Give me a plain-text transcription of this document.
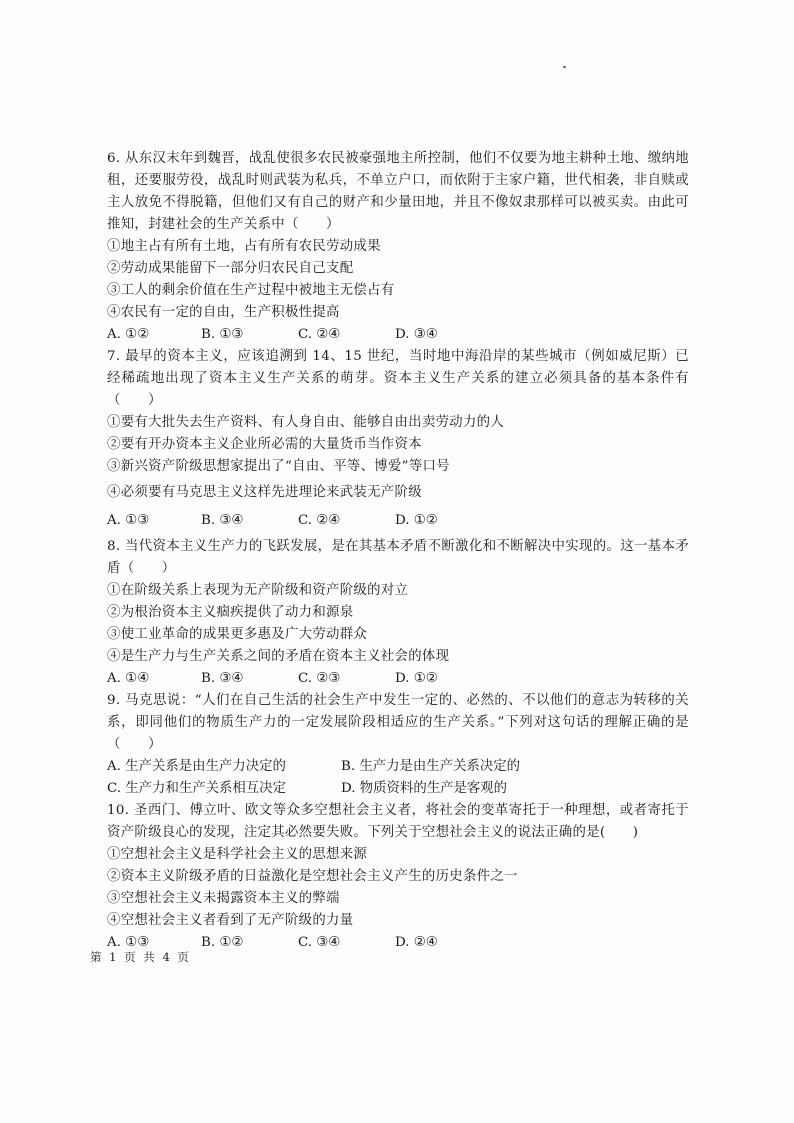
6. 从东汉末年到魏晋，战乱使很多农民被豪强地主所控制，他们不仅要为地主耕种土地、缴纳地租，还要服劳役，战乱时则武装为私兵，不单立户口，而依附于主家户籍，世代相袭，非自赎或主人放免不得脱籍，但他们又有自己的财产和少量田地，并且不像奴隶那样可以被买卖。由此可推知，封建社会的生产关系中（　　）

①地主占有所有土地，占有所有农民劳动成果

②劳动成果能留下一部分归农民自己支配

③工人的剩余价值在生产过程中被地主无偿占有

④农民有一定的自由，生产积极性提高

A. ①②	B. ①③	C. ②④	D. ③④

7. 最早的资本主义，应该追溯到 14、15 世纪，当时地中海沿岸的某些城市（例如威尼斯）已经稀疏地出现了资本主义生产关系的萌芽。资本主义生产关系的建立必须具备的基本条件有（　　）

①要有大批失去生产资料、有人身自由、能够自由出卖劳动力的人

②要有开办资本主义企业所必需的大量货币当作资本

③新兴资产阶级思想家提出了“自由、平等、博爱”等口号

④必须要有马克思主义这样先进理论来武装无产阶级

A. ①③	B. ③④	C. ②④	D. ①②

8. 当代资本主义生产力的飞跃发展，是在其基本矛盾不断激化和不断解决中实现的。这一基本矛盾（　　）

①在阶级关系上表现为无产阶级和资产阶级的对立

②为根治资本主义痼疾提供了动力和源泉

③使工业革命的成果更多惠及广大劳动群众

④是生产力与生产关系之间的矛盾在资本主义社会的体现

A. ①④	B. ③④	C. ②③	D. ①②

9. 马克思说：“人们在自己生活的社会生产中发生一定的、必然的、不以他们的意志为转移的关系，即同他们的物质生产力的一定发展阶段相适应的生产关系。”下列对这句话的理解正确的是（　　）

A. 生产关系是由生产力决定的	B. 生产力是由生产关系决定的
C. 生产力和生产关系相互决定	D. 物质资料的生产是客观的

10. 圣西门、傅立叶、欧文等众多空想社会主义者，将社会的变革寄托于一种理想，或者寄托于资产阶级良心的发现，注定其必然要失败。下列关于空想社会主义的说法正确的是(　　)

①空想社会主义是科学社会主义的思想来源

②资本主义阶级矛盾的日益激化是空想社会主义产生的历史条件之一

③空想社会主义未揭露资本主义的弊端

④空想社会主义者看到了无产阶级的力量

A. ①③	B. ①②	C. ③④	D. ②④
第 1 页 共 4 页
